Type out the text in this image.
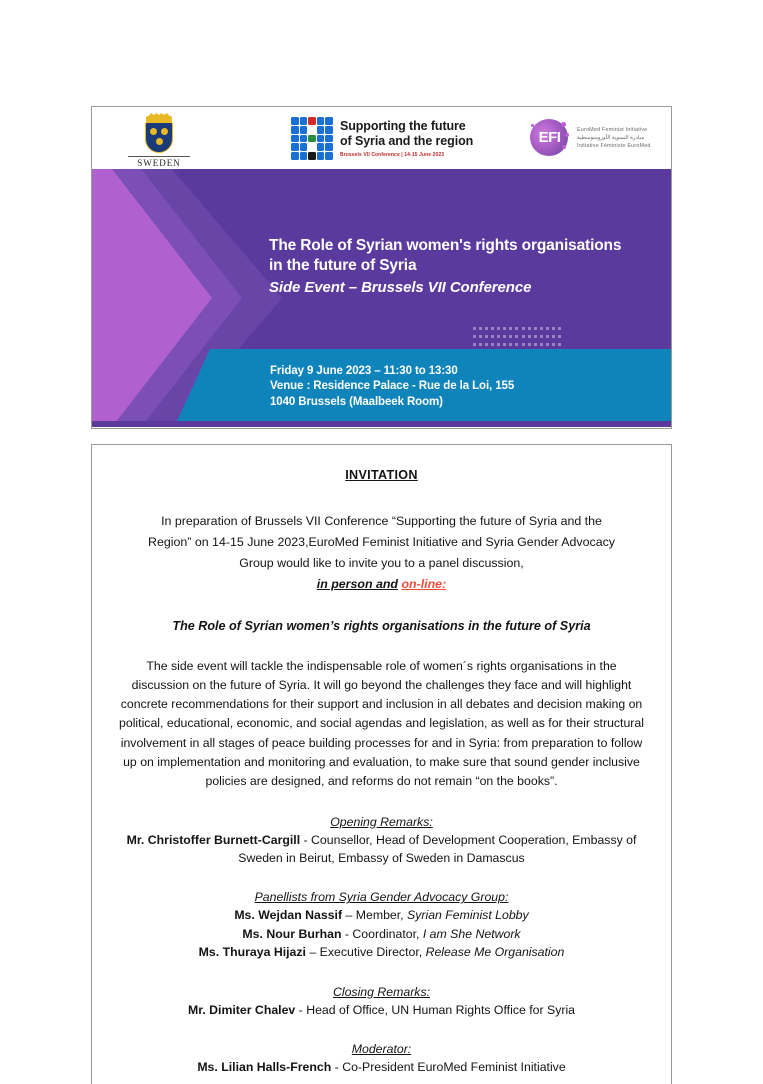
SWEDEN
Supporting the future
of Syria and the region
Brussels VII Conference | 14-15 June 2023
EFI	EuroMed Feminist Initiative
مبادرة النسوية الأورومتوسطية
Initiative Féministe EuroMed
The Role of Syrian women's rights organisations
in the future of Syria
Side Event – Brussels VII Conference
Friday 9 June 2023 – 11:30 to 13:30
Venue : Residence Palace - Rue de la Loi, 155
1040 Brussels (Maalbeek Room)
INVITATION
In preparation of Brussels VII Conference “Supporting the future of Syria and the Region” on 14-15 June 2023,EuroMed Feminist Initiative and Syria Gender Advocacy Group would like to invite you to a panel discussion,
in person and on-line:
The Role of Syrian women’s rights organisations in the future of Syria
The side event will tackle the indispensable role of women´s rights organisations in the discussion on the future of Syria. It will go beyond the challenges they face and will highlight concrete recommendations for their support and inclusion in all debates and decision making on political, educational, economic, and social agendas and legislation, as well as for their structural involvement in all stages of peace building processes for and in Syria: from preparation to follow up on implementation and monitoring and evaluation, to make sure that sound gender inclusive policies are designed, and reforms do not remain “on the books”.
Opening Remarks:
Mr. Christoffer Burnett-Cargill - Counsellor, Head of Development Cooperation, Embassy of Sweden in Beirut, Embassy of Sweden in Damascus
Panellists from Syria Gender Advocacy Group:
Ms. Wejdan Nassif – Member, Syrian Feminist Lobby
Ms. Nour Burhan - Coordinator, I am She Network
Ms. Thuraya Hijazi – Executive Director, Release Me Organisation
Closing Remarks:
Mr. Dimiter Chalev - Head of Office, UN Human Rights Office for Syria
Moderator:
Ms. Lilian Halls-French - Co-President EuroMed Feminist Initiative
